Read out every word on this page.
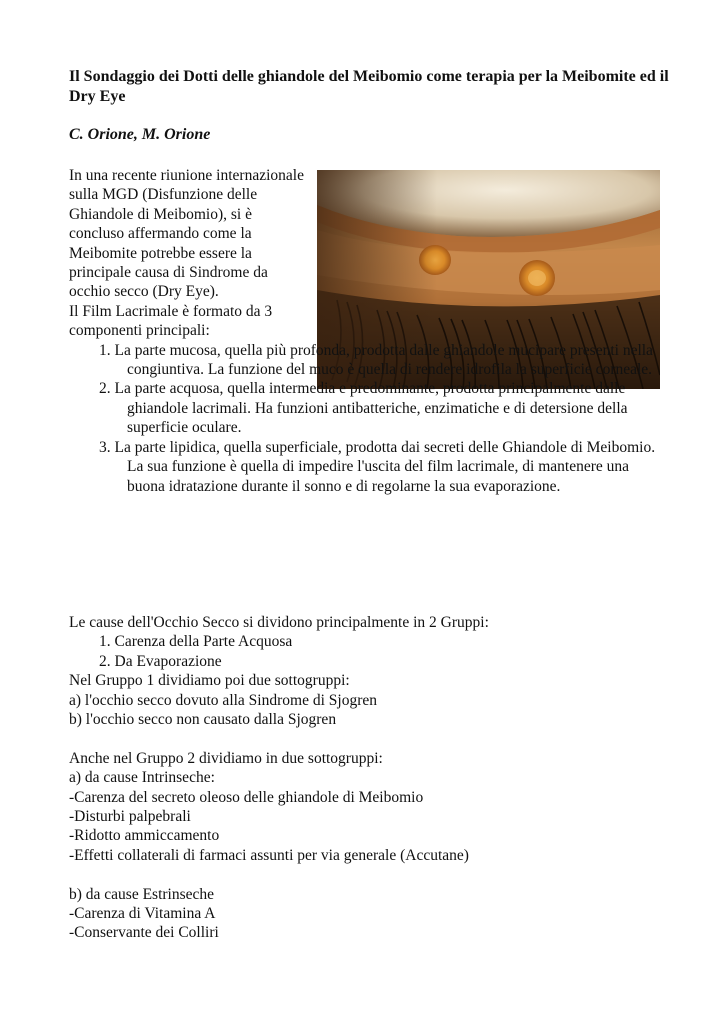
Il Sondaggio dei Dotti delle ghiandole del Meibomio come terapia per la Meibomite ed il Dry Eye
C. Orione, M. Orione

In una recente riunione internazionale sulla MGD (Disfunzione delle Ghiandole di Meibomio), si è concluso affermando come la Meibomite potrebbe essere la principale causa di Sindrome da occhio secco (Dry Eye).

Il Film Lacrimale è formato da 3 componenti principali:

1. La parte mucosa, quella più profonda, prodotta dalle ghiandole mucipare presenti nella congiuntiva. La funzione del muco è quella di rendere idrofila la superficie corneale.
2. La parte acquosa, quella intermedia e predominante, prodotta principalmente dalle ghiandole lacrimali. Ha funzioni antibatteriche, enzimatiche e di detersione della superficie oculare.
3. La parte lipidica, quella superficiale, prodotta dai secreti delle Ghiandole di Meibomio. La sua funzione è quella di impedire l'uscita del film lacrimale, di mantenere una buona idratazione durante il sonno e di regolarne la sua evaporazione.
Le cause dell'Occhio Secco si dividono principalmente in 2 Gruppi:
1. Carenza della Parte Acquosa
2. Da Evaporazione
Nel Gruppo 1 dividiamo poi due sottogruppi:
a) l'occhio secco dovuto alla Sindrome di Sjogren
b) l'occhio secco non causato dalla Sjogren
Anche nel Gruppo 2 dividiamo in due sottogruppi:
a) da cause Intrinseche:
-Carenza del secreto oleoso delle ghiandole di Meibomio
-Disturbi palpebrali
-Ridotto ammiccamento
-Effetti collaterali di farmaci assunti per via generale (Accutane)
b) da cause Estrinseche
-Carenza di Vitamina A
-Conservante dei Colliri
